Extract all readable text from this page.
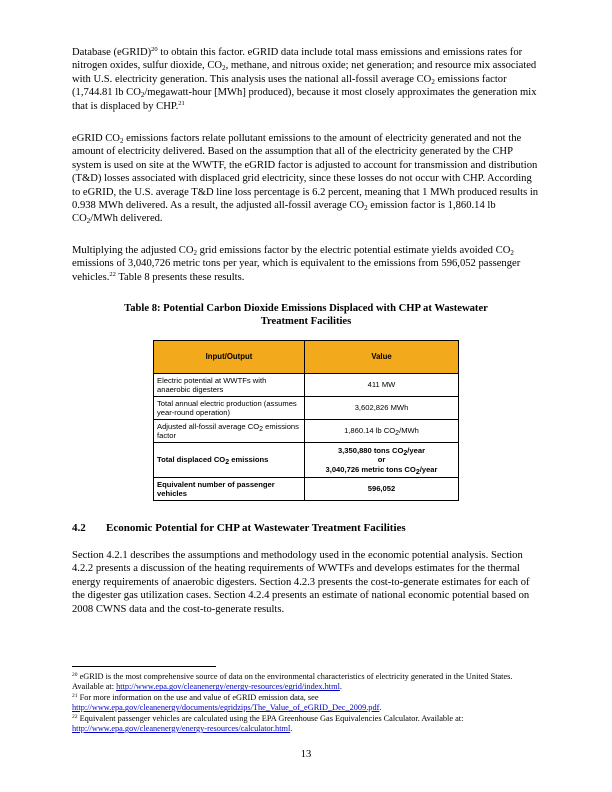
Database (eGRID)$^{20}$ to obtain this factor. eGRID data include total mass emissions and emissions rates for nitrogen oxides, sulfur dioxide, $CO_2$, methane, and nitrous oxide; net generation; and resource mix associated with U.S. electricity generation. This analysis uses the national all-fossil average $CO_2$ emissions factor (1,744.81 lb $CO_2/megawatt$-hour [MWh] produced), because it most closely approximates the generation mix that is displaced by CHP.$^{21}$

eGRID $CO_2$ emissions factors relate pollutant emissions to the amount of electricity generated and not the amount of electricity delivered. Based on the assumption that all of the electricity generated by the CHP system is used on site at the WWTF, the eGRID factor is adjusted to account for transmission and distribution (T&D) losses associated with displaced grid electricity, since these losses do not occur with CHP. According to eGRID, the U.S. average T&D line loss percentage is 6.2 percent, meaning that 1 MWh produced results in 0.938 MWh delivered. As a result, the adjusted all-fossil average $CO_2$ emission factor is 1,860.14 lb $CO_2$/MWh delivered.

Multiplying the adjusted $CO_2$ grid emissions factor by the electric potential estimate yields avoided $CO_2$ emissions of 3,040,726 metric tons per year, which is equivalent to the emissions from 596,052 passenger vehicles.$^{22}$ Table 8 presents these results.

Table 8: Potential Carbon Dioxide Emissions Displaced with CHP at Wastewater
Treatment Facilities

Input/Output	Value
Electric potential at WWTFs with anaerobic digesters	411 MW
Total annual electric production (assumes year-round operation)	3,602,826 MWh
Adjusted all-fossil average $CO_2$ emissions factor	1,860.14 lb $CO_2$/MWh
Total displaced $CO_2$ emissions	3,350,880 tons $CO_2$/year
or
3,040,726 metric tons $CO_2$/year
Equivalent number of passenger vehicles	596,052

4.2 Economic Potential for CHP at Wastewater Treatment Facilities

Section 4.2.1 describes the assumptions and methodology used in the economic potential analysis. Section 4.2.2 presents a discussion of the heating requirements of WWTFs and develops estimates for the thermal energy requirements of anaerobic digesters. Section 4.2.3 presents the cost-to-generate estimates for each of the digester gas utilization cases. Section 4.2.4 presents an estimate of national economic potential based on 2008 CWNS data and the cost-to-generate results.

$^{20}$ eGRID is the most comprehensive source of data on the environmental characteristics of electricity generated in the United States. Available at: http://www.epa.gov/cleanenergy/energy-resources/egrid/index.html.
$^{21}$ For more information on the use and value of eGRID emission data, see http://www.epa.gov/cleanenergy/documents/egridzips/The_Value_of_eGRID_Dec_2009.pdf.
$^{22}$ Equivalent passenger vehicles are calculated using the EPA Greenhouse Gas Equivalencies Calculator. Available at: http://www.epa.gov/cleanenergy/energy-resources/calculator.html.

13
